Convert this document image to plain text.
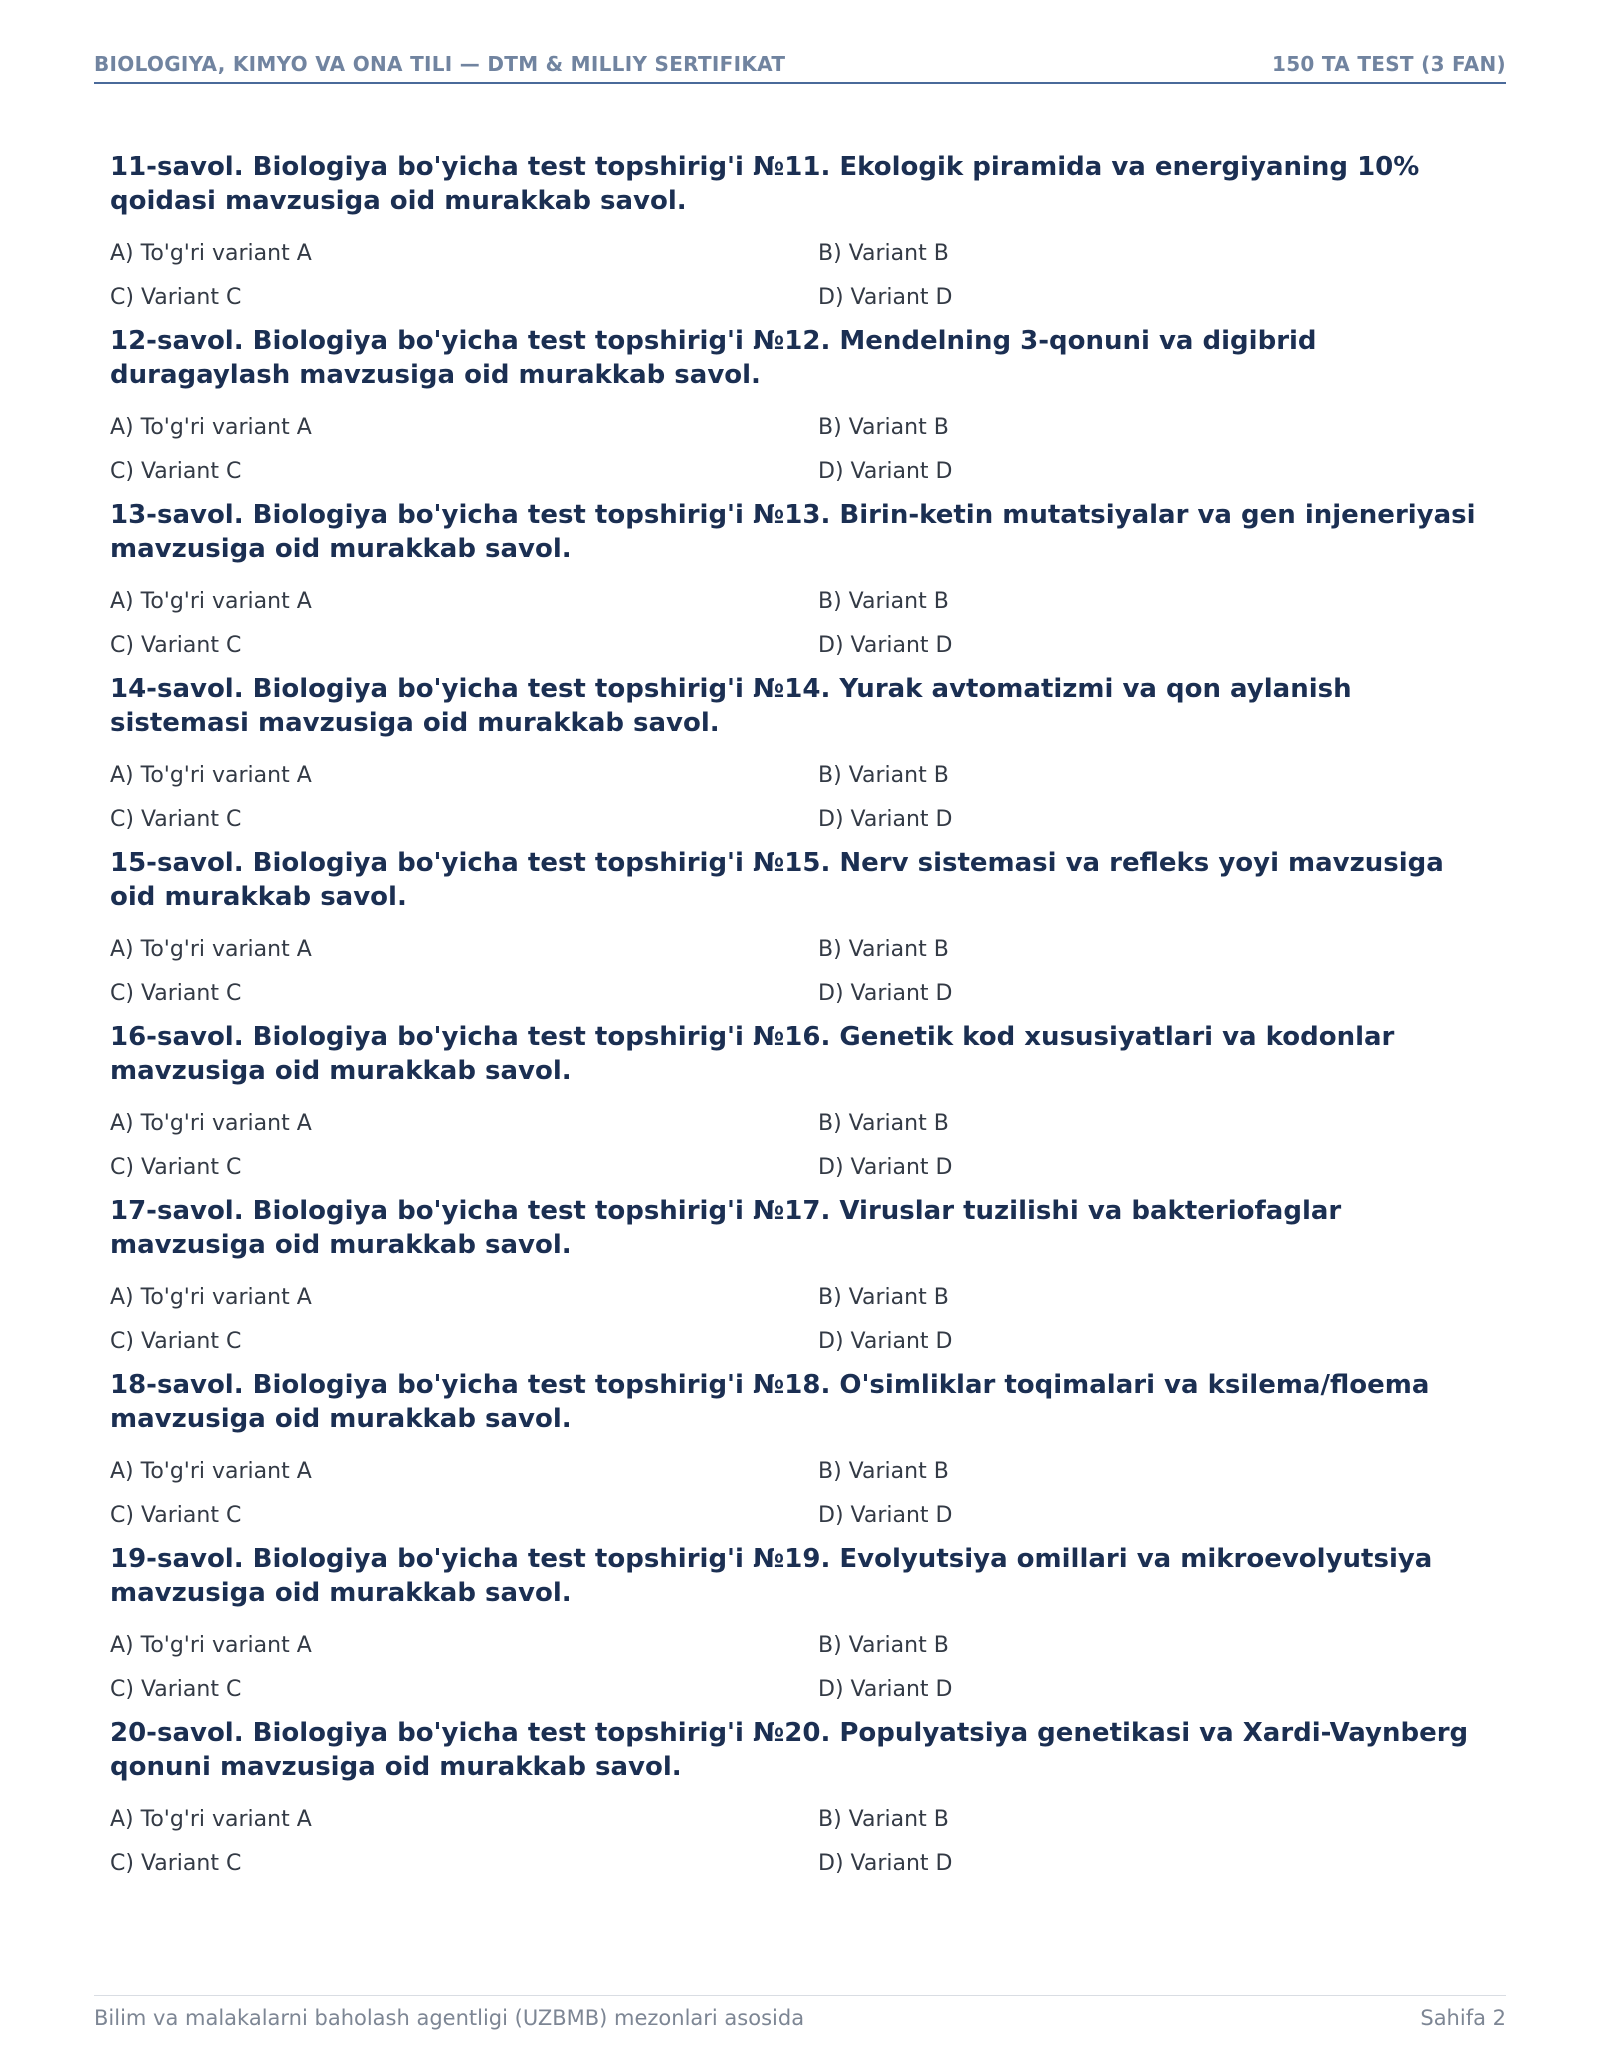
BIOLOGIYA, KIMYO VA ONA TILI — DTM & MILLIY SERTIFIKAT	150 TA TEST (3 FAN)

11-savol. Biologiya bo'yicha test topshirig'i №11. Ekologik piramida va energiyaning 10% qoidasi mavzusiga oid murakkab savol.

A) To'g'ri variant A	B) Variant B
C) Variant C	D) Variant D

12-savol. Biologiya bo'yicha test topshirig'i №12. Mendelning 3-qonuni va digibrid duragaylash mavzusiga oid murakkab savol.

A) To'g'ri variant A	B) Variant B
C) Variant C	D) Variant D

13-savol. Biologiya bo'yicha test topshirig'i №13. Birin-ketin mutatsiyalar va gen injeneriyasi mavzusiga oid murakkab savol.

A) To'g'ri variant A	B) Variant B
C) Variant C	D) Variant D

14-savol. Biologiya bo'yicha test topshirig'i №14. Yurak avtomatizmi va qon aylanish sistemasi mavzusiga oid murakkab savol.

A) To'g'ri variant A	B) Variant B
C) Variant C	D) Variant D

15-savol. Biologiya bo'yicha test topshirig'i №15. Nerv sistemasi va refleks yoyi mavzusiga oid murakkab savol.

A) To'g'ri variant A	B) Variant B
C) Variant C	D) Variant D

16-savol. Biologiya bo'yicha test topshirig'i №16. Genetik kod xususiyatlari va kodonlar mavzusiga oid murakkab savol.

A) To'g'ri variant A	B) Variant B
C) Variant C	D) Variant D

17-savol. Biologiya bo'yicha test topshirig'i №17. Viruslar tuzilishi va bakteriofaglar mavzusiga oid murakkab savol.

A) To'g'ri variant A	B) Variant B
C) Variant C	D) Variant D

18-savol. Biologiya bo'yicha test topshirig'i №18. O'simliklar toqimalari va ksilema/floema mavzusiga oid murakkab savol.

A) To'g'ri variant A	B) Variant B
C) Variant C	D) Variant D

19-savol. Biologiya bo'yicha test topshirig'i №19. Evolyutsiya omillari va mikroevolyutsiya mavzusiga oid murakkab savol.

A) To'g'ri variant A	B) Variant B
C) Variant C	D) Variant D

20-savol. Biologiya bo'yicha test topshirig'i №20. Populyatsiya genetikasi va Xardi-Vaynberg qonuni mavzusiga oid murakkab savol.

A) To'g'ri variant A	B) Variant B
C) Variant C	D) Variant D
Bilim va malakalarni baholash agentligi (UZBMB) mezonlari asosida	Sahifa 2
